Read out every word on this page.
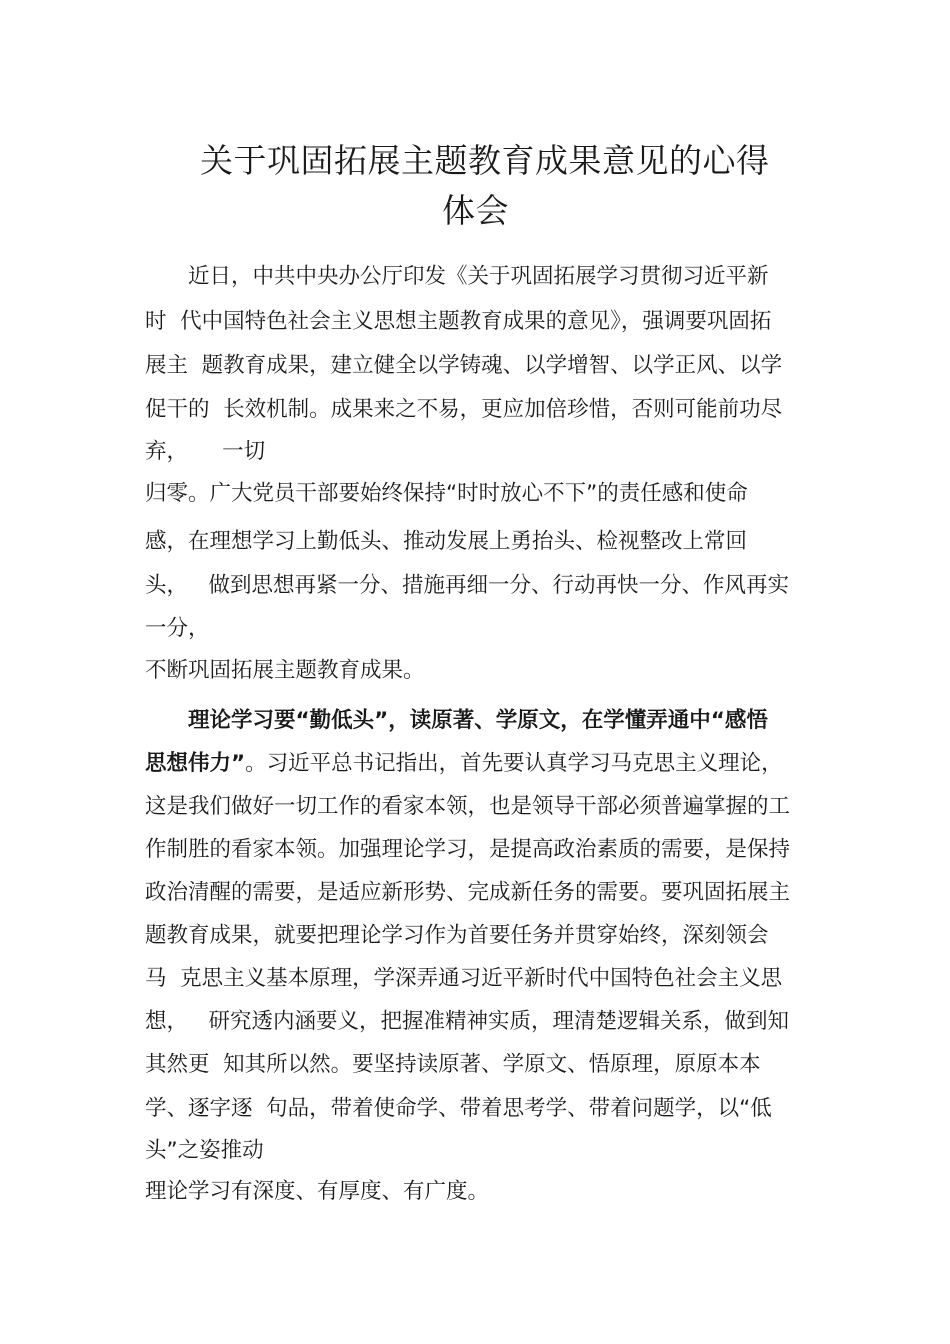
关于巩固拓展主题教育成果意见的心得
体会
近日，中共中央办公厅印发《关于巩固拓展学习贯彻习近平新
时  代中国特色社会主义思想主题教育成果的意见》，强调要巩固拓
展主  题教育成果，建立健全以学铸魂、以学增智、以学正风、以学
促干的  长效机制。成果来之不易，更应加倍珍惜，否则可能前功尽
弃，     一切
归零。广大党员干部要始终保持“时时放心不下”的责任感和使命
感，在理想学习上勤低头、推动发展上勇抬头、检视整改上常回
头，   做到思想再紧一分、措施再细一分、行动再快一分、作风再实
一分，
不断巩固拓展主题教育成果。
理论学习要“勤低头”，读原著、学原文，在学懂弄通中“感悟
思想伟力”。习近平总书记指出，首先要认真学习马克思主义理论，
这是我们做好一切工作的看家本领，也是领导干部必须普遍掌握的工
作制胜的看家本领。加强理论学习，是提高政治素质的需要，是保持
政治清醒的需要，是适应新形势、完成新任务的需要。要巩固拓展主
题教育成果，就要把理论学习作为首要任务并贯穿始终，深刻领会
马  克思主义基本原理，学深弄通习近平新时代中国特色社会主义思
想，   研究透内涵要义，把握准精神实质，理清楚逻辑关系，做到知
其然更  知其所以然。要坚持读原著、学原文、悟原理，原原本本
学、逐字逐  句品，带着使命学、带着思考学、带着问题学，以“低
头”之姿推动
理论学习有深度、有厚度、有广度。
